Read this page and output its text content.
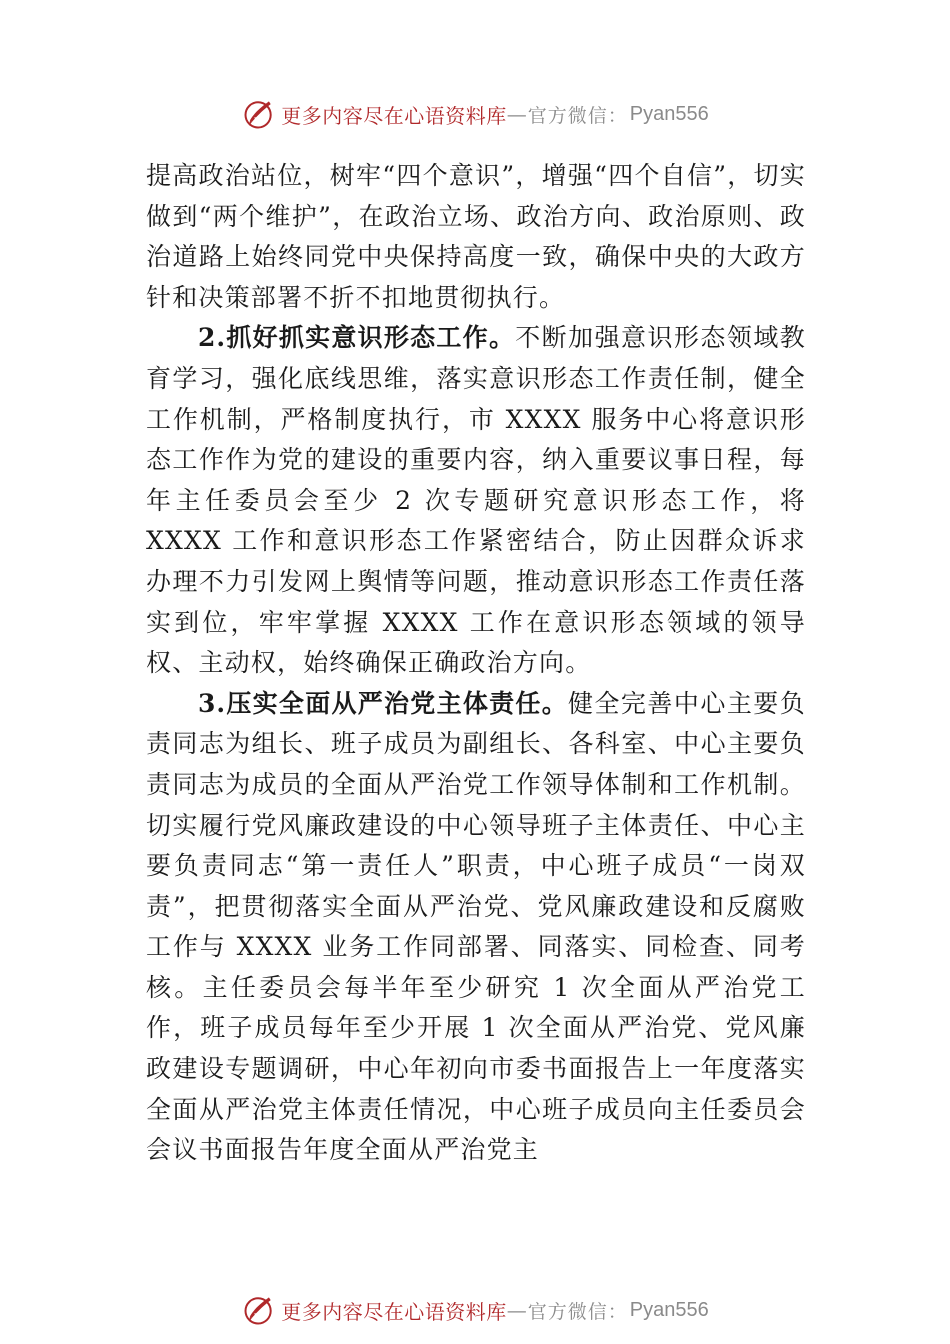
更多内容尽在心语资料库 — 官方微信： Pyan556

提高政治站位，树牢“四个意识”，增强“四个自信”，切实做到“两个维护”，在政治立场、政治方向、政治原则、政治道路上始终同党中央保持高度一致，确保中央的大政方针和决策部署不折不扣地贯彻执行。

2.抓好抓实意识形态工作。不断加强意识形态领域教育学习，强化底线思维，落实意识形态工作责任制，健全工作机制，严格制度执行，市 XXXX 服务中心将意识形态工作作为党的建设的重要内容，纳入重要议事日程，每年主任委员会至少 2 次专题研究意识形态工作，将 XXXX 工作和意识形态工作紧密结合，防止因群众诉求办理不力引发网上舆情等问题，推动意识形态工作责任落实到位，牢牢掌握 XXXX 工作在意识形态领域的领导权、主动权，始终确保正确政治方向。

3.压实全面从严治党主体责任。健全完善中心主要负责同志为组长、班子成员为副组长、各科室、中心主要负责同志为成员的全面从严治党工作领导体制和工作机制。切实履行党风廉政建设的中心领导班子主体责任、中心主要负责同志“第一责任人”职责，中心班子成员“一岗双责”，把贯彻落实全面从严治党、党风廉政建设和反腐败工作与 XXXX 业务工作同部署、同落实、同检查、同考核。主任委员会每半年至少研究 1 次全面从严治党工作，班子成员每年至少开展 1 次全面从严治党、党风廉政建设专题调研，中心年初向市委书面报告上一年度落实全面从严治党主体责任情况，中心班子成员向主任委员会会议书面报告年度全面从严治党主

更多内容尽在心语资料库 — 官方微信： Pyan556
